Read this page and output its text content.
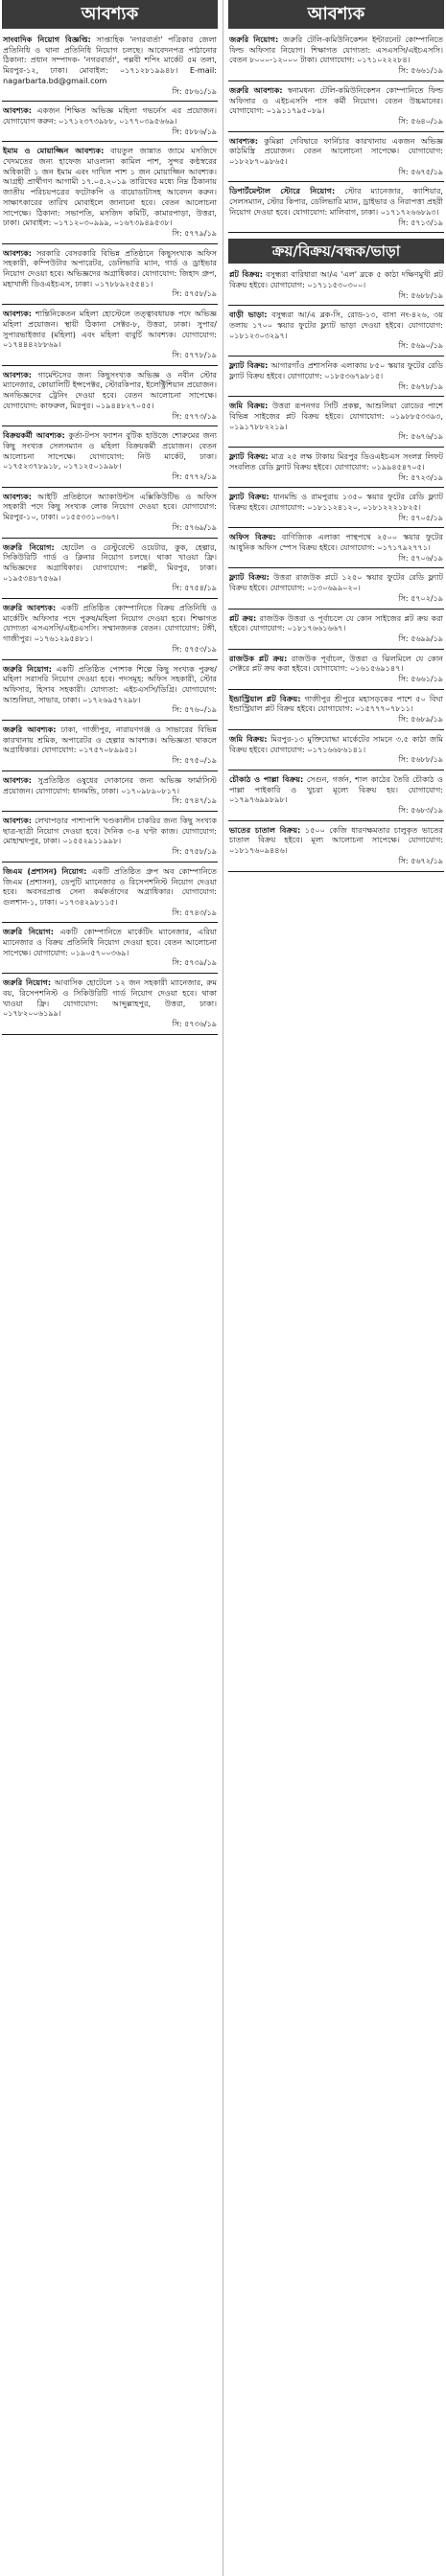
আবশ্যক
সাংবাদিক নিয়োগ বিজ্ঞপ্তি: সাপ্তাহিক 'নগরবার্তা' পত্রিকার জেলা প্রতিনিধি ও থানা প্রতিনিধি নিয়োগ চলছে। আবেদনপত্র পাঠানোর ঠিকানা: প্রধান সম্পাদক- 'নগরবার্তা', পল্লবী শপিং মার্কেট ৫ম তলা, মিরপুর-১২, ঢাকা। মোবাইল: ০১৭১২৮১৯৯৪৮। E-mail: nagarbarta.bd@gmail.com
সি: ৫৮৬১/১৯
আবশ্যক: একজন শিক্ষিত অভিজ্ঞ মহিলা গভর্নেস এর প্রয়োজন। যোগাযোগ করুন: ০১৭১২৩৭৩৯৮৮, ০১৭৭০৩৯৫৬৬৯।
সি: ৫৮৮৬/১৯
ইমাম ও মোয়াজ্জিন আবশ্যক: বায়তুল জান্নাত জামে মসজিদে খেদমতের জন্য হাফেজ মাওলানা কামিল পাশ, সুন্দর কণ্ঠস্বরের অধিকারী ১ জন ইমাম এবং দাখিল পাশ ১ জন মোয়াজ্জিন আবশ্যক। আগ্রহী প্রার্থীগণ আগামী ১৭.০৫.২০১৯ তারিখের মধ্যে নিম্ন ঠিকানায় জাতীয় পরিচয়পত্রের ফটোকপি ও বায়োডাটাসহ আবেদন করুন। সাক্ষাৎকারের তারিখ মোবাইলে জানানো হবে। বেতন আলোচনা সাপেক্ষে। ঠিকানা: সভাপতি, মসজিদ কমিটি, কামারপাড়া, উত্তরা, ঢাকা। মোবাইল: ০১৭১২০৩০৯৯৯, ০১৬৭৩৯৪৯৫৩৮।
সি: ৫৭৭৯/১৯
আবশ্যক: সরকারি বেসরকারি বিভিন্ন প্রতিষ্ঠানে কিছুসংখ্যক অফিস সহকারী, কম্পিউটার অপারেটর, ডেলিভারি ম্যান, গার্ড ও ড্রাইভার নিয়োগ দেওয়া হবে। অভিজ্ঞদের অগ্রাধিকার। যোগাযোগ: জিহাদ গ্রুপ, মহাখালী ডিওএইচএস, ঢাকা। ০১৭৮৮৯২৫৫৪১।
সি: ৫৭৫৮/১৯
আবশ্যক: শান্তিনিকেতন মহিলা হোস্টেলে তত্ত্বাবধায়ক পদে অভিজ্ঞ মহিলা প্রয়োজন। স্থায়ী ঠিকানা সেক্টর-৮, উত্তরা, ঢাকা। সুপার/সুপারভাইজার (মহিলা) এবং মহিলা বাবুর্চি আবশ্যক। যোগাযোগ: ০১৭৪৪৪২৮৮৬৯।
সি: ৫৭৭৮/১৯
আবশ্যক: গার্মেন্টসের জন্য কিছুসংখ্যক অভিজ্ঞ ও নবীন স্টোর ম্যানেজার, কোয়ালিটি ইন্সপেক্টর, স্টোরকিপার, ইলেক্ট্রিশিয়ান প্রয়োজন। অনভিজ্ঞদের ট্রেনিং দেওয়া হবে। বেতন আলোচনা সাপেক্ষে। যোগাযোগ: কাফরুল, মিরপুর। ০১৯৪৪৮২৭০৫৫।
সি: ৫৭৭৩/১৯
বিক্রয়কর্মী আবশ্যক: কুর্তা-টপস ফ্যাশন বুটিক হাউজে শোরুমের জন্য কিছু সংখ্যক সেলসম্যান ও মহিলা বিক্রয়কর্মী প্রয়োজন। বেতন আলোচনা সাপেক্ষে। যোগাযোগ: নিউ মার্কেট, ঢাকা। ০১৭৫২৩৭৮৯১৮, ০১৭১২৫০১৯৯৮।
সি: ৫৭৭২/১৯
আবশ্যক: আইটি প্রতিষ্ঠানে অ্যাকাউন্টস এক্সিকিউটিভ ও অফিস সহকারী পদে কিছু সংখ্যক লোক নিয়োগ দেওয়া হবে। যোগাযোগ: মিরপুর-১০, ঢাকা। ০১৫৫৩৩১০৩৬৭।
সি: ৫৭৬৯/১৯
জরুরি নিয়োগ: হোটেল ও রেস্টুরেন্টে ওয়েটার, কুক, হেল্পার, সিকিউরিটি গার্ড ও ক্লিনার নিয়োগ চলছে। থাকা খাওয়া ফ্রি। অভিজ্ঞদের অগ্রাধিকার। যোগাযোগ: পল্লবী, মিরপুর, ঢাকা। ০১৯৫৩৪৮৭৫৬৯।
সি: ৫৭৫৪/১৯
জরুরি আবশ্যক: একটি প্রতিষ্ঠিত কোম্পানিতে বিক্রয় প্রতিনিধি ও মার্কেটিং অফিসার পদে পুরুষ/মহিলা নিয়োগ দেওয়া হবে। শিক্ষাগত যোগ্যতা এসএসসি/এইচএসসি। সম্মানজনক বেতন। যোগাযোগ: টঙ্গী, গাজীপুর। ০১৭৬১২৯৫৪৮১।
সি: ৫৭৫৩/১৯
জরুরি নিয়োগ: একটি প্রতিষ্ঠিত পোশাক শিল্পে কিছু সংখ্যক পুরুষ/মহিলা সরাসরি নিয়োগ দেওয়া হবে। পদসমূহ: অফিস সহকারী, স্টোর অফিসার, হিসাব সহকারী। যোগ্যতা: এইচএসসি/ডিগ্রি। যোগাযোগ: আশুলিয়া, সাভার, ঢাকা। ০১৭২৬৯৫৭২৯৮।
সি: ৫৭৬০/১৯
জরুরি আবশ্যক: ঢাকা, গাজীপুর, নারায়ণগঞ্জ ও সাভারের বিভিন্ন কারখানায় শ্রমিক, অপারেটর ও হেল্পার আবশ্যক। অভিজ্ঞতা থাকলে অগ্রাধিকার। যোগাযোগ: ০১৭৫৭০৮৯৯৫১।
সি: ৫৭৫০/১৯
আবশ্যক: সুপ্রতিষ্ঠিত ওষুধের দোকানের জন্য অভিজ্ঞ ফার্মাসিস্ট প্রয়োজন। যোগাযোগ: ধানমন্ডি, ঢাকা। ০১৭০৯৮৯০৮১৭।
সি: ৫৭৪৭/১৯
আবশ্যক: লেখাপড়ার পাশাপাশি খণ্ডকালীন চাকরির জন্য কিছু সংখ্যক ছাত্র-ছাত্রী নিয়োগ দেওয়া হবে। দৈনিক ৩-৪ ঘণ্টা কাজ। যোগাযোগ: মোহাম্মদপুর, ঢাকা। ০১৫৫২৯১১৯৯৮।
সি: ৫৭৫৮/১৯
জিএম (প্রশাসন) নিয়োগ: একটি প্রতিষ্ঠিত গ্রুপ অব কোম্পানিতে জিএম (প্রশাসন), ডেপুটি ম্যানেজার ও রিসেপশনিস্ট নিয়োগ দেওয়া হবে। অবসরপ্রাপ্ত সেনা কর্মকর্তাদের অগ্রাধিকার। যোগাযোগ: গুলশান-১, ঢাকা। ০১৭৩৪২৯৮১১৫।
সি: ৫৭৪৩/১৯
জরুরি নিয়োগ: একটি কোম্পানিতে মার্কেটিং ম্যানেজার, এরিয়া ম্যানেজার ও বিক্রয় প্রতিনিধি নিয়োগ দেওয়া হবে। বেতন আলোচনা সাপেক্ষে। যোগাযোগ: ০১৯০৫৭০০৩৬৯।
সি: ৫৭৩৯/১৯
জরুরি নিয়োগ: আবাসিক হোটেলে ১২ জন সহকারী ম্যানেজার, রুম বয়, রিসেপশনিস্ট ও সিকিউরিটি গার্ড নিয়োগ দেওয়া হবে। থাকা খাওয়া ফ্রি। যোগাযোগ: আব্দুল্লাহপুর, উত্তরা, ঢাকা। ০১৭৮২০০৬১৯৯।
সি: ৫৭৩৬/১৯
আবশ্যক
জরুরি নিয়োগ: জরুরি টেলি-কমিউনিকেশন ইন্টারনেট কোম্পানিতে ফিল্ড অফিসার নিয়োগ। শিক্ষাগত যোগ্যতা: এসএসসি/এইচএসসি। বেতন ৮০০০-১২০০০ টাকা। যোগাযোগ: ০১৭১০২২২৮৪।
সি: ৫৬৬১/১৯
জরুরি আবশ্যক: স্বনামধন্য টেলি-কমিউনিকেশন কোম্পানিতে ফিল্ড অফিসার ও এইচএসসি পাস কর্মী নিয়োগ। বেতন উচ্চমানের। যোগাযোগ: ০১৯১১৭৯৫০৮৯।
সি: ৫৬৪০/১৯
আবশ্যক: কুমিল্লা দেবিদ্বারে ফার্নিচার কারখানায় একজন অভিজ্ঞ কাঠমিস্ত্রি প্রয়োজন। বেতন আলোচনা সাপেক্ষে। যোগাযোগ: ০১৮২৮৭০৯৮৬৫।
সি: ৫৬৭৫/১৯
ডিপার্টমেন্টাল স্টোরে নিয়োগ: স্টোর ম্যানেজার, ক্যাশিয়ার, সেলসম্যান, স্টোর কিপার, ডেলিভারি ম্যান, ড্রাইভার ও নিরাপত্তা প্রহরী নিয়োগ দেওয়া হবে। যোগাযোগ: মালিবাগ, ঢাকা। ০১৭১৭২৬৬৮৯৩।
সি: ৫৭১৩/১৯
ক্রয়/বিক্রয়/বন্ধক/ভাড়া
প্লট বিক্রয়: বসুন্ধরা বারিধারা আ/এ 'এল' ব্লকে ৫ কাঠা দক্ষিণমুখী প্লট বিক্রয় হইবে। যোগাযোগ: ০১৭১১৫৩০৩০০।
সি: ৫৬৮৮/১৯
বাড়ী ভাড়া: বসুন্ধরা আ/এ ব্লক-সি, রোড-১৩, বাসা নং-৪২৬, ৩য় তলায় ১৭০০ স্কয়ার ফুটের ফ্ল্যাট ভাড়া দেওয়া হইবে। যোগাযোগ: ০১৮১২৩০৩২৯৭।
সি: ৫৬৯০/১৯
ফ্ল্যাট বিক্রয়: আগারগাঁও প্রশাসনিক এলাকায় ৮৫০ স্কয়ার ফুটের রেডি ফ্ল্যাট বিক্রয় হইবে। যোগাযোগ: ০১৮৫৩৬৭৯৮১৫।
সি: ৫৬৭৮/১৯
জমি বিক্রয়: উত্তরা রূপনগর সিটি প্রকল্প, আশুলিয়া রোডের পাশে বিভিন্ন সাইজের প্লট বিক্রয় হইবে। যোগাযোগ: ০১৯৮৮৫৩৩৯৩, ০১৯১৭৮৮২২১৯।
সি: ৫৬৭৬/১৯
ফ্ল্যাট বিক্রয়: মাত্র ২৫ লক্ষ টাকায় মিরপুর ডিওএইচএস সংলগ্ন লিফট সংবলিত রেডি ফ্ল্যাট বিক্রয় হইবে। যোগাযোগ: ০১৯৯৪৫৪৭০৫।
সি: ৫৭২৩/১৯
ফ্ল্যাট বিক্রয়: ধানমন্ডি ও রামপুরায় ১৩৫০ স্কয়ার ফুটের রেডি ফ্ল্যাট বিক্রয় হইবে। যোগাযোগ: ০১৮১১২৪১২০, ০১৮১২২২১৮২৫।
সি: ৫৭০৫/১৯
অফিস বিক্রয়: বাণিজ্যিক এলাকা পান্থপথে ২৫০০ স্কয়ার ফুটের আধুনিক অফিস স্পেস বিক্রয় হইবে। যোগাযোগ: ০১৭১৭৯২৭৭১।
সি: ৫৭০৬/১৯
ফ্ল্যাট বিক্রয়: উত্তরা রাজউক প্লটে ১২৫০ স্কয়ার ফুটের রেডি ফ্ল্যাট বিক্রয় হইবে। যোগাযোগ: ০১৩০৬৯৯০২০।
সি: ৫৭০২/১৯
প্লট ক্রয়: রাজউক উত্তরা ও পূর্বাচলে যে কোন সাইজের প্লট ক্রয় করা হইবে। যোগাযোগ: ০১৮১৭৬৬১৬৬৭।
সি: ৫৬৯৯/১৯
রাজউক প্লট ক্রয়: রাজউক পূর্বাচল, উত্তরা ও ঝিলমিলে যে কোন সেক্টরে প্লট ক্রয় করা হইবে। যোগাযোগ: ০১৬১৫৬৯১৪৭।
সি: ৫৬৬১/১৯
ইন্ডাস্ট্রিয়াল প্লট বিক্রয়: গাজীপুর শ্রীপুরে মহাসড়কের পাশে ৫০ বিঘা ইন্ডাস্ট্রিয়াল প্লট বিক্রয় হইবে। যোগাযোগ: ০১৫৭৭৭০৭৮১১।
সি: ৫৬৮৯/১৯
জমি বিক্রয়: মিরপুর-১৩ মুক্তিযোদ্ধা মার্কেটের সামনে ৩.৫ কাঠা জমি বিক্রয় হইবে। যোগাযোগ: ০১৭১৬৬৮৬১৪১।
সি: ৫৬৮৮/১৯
চৌকাঠ ও পাল্লা বিক্রয়: সেগুন, গর্জন, শাল কাঠের তৈরি চৌকাঠ ও পাল্লা পাইকারি ও খুচরা মূল্যে বিক্রয় হয়। যোগাযোগ: ০১৭৯৭৬৯৯৮৯৮।
সি: ৫৬৮৩/১৯
ভাতের চাতাল বিক্রয়: ১৫০০ কেজি ধারণক্ষমতার চালুকৃত ভাতের চাতাল বিক্রয় হইবে। মূল্য আলোচনা সাপেক্ষে। যোগাযোগ: ০১৮১৭৬০৯৪৪৬।
সি: ৫৬৭২/১৯
